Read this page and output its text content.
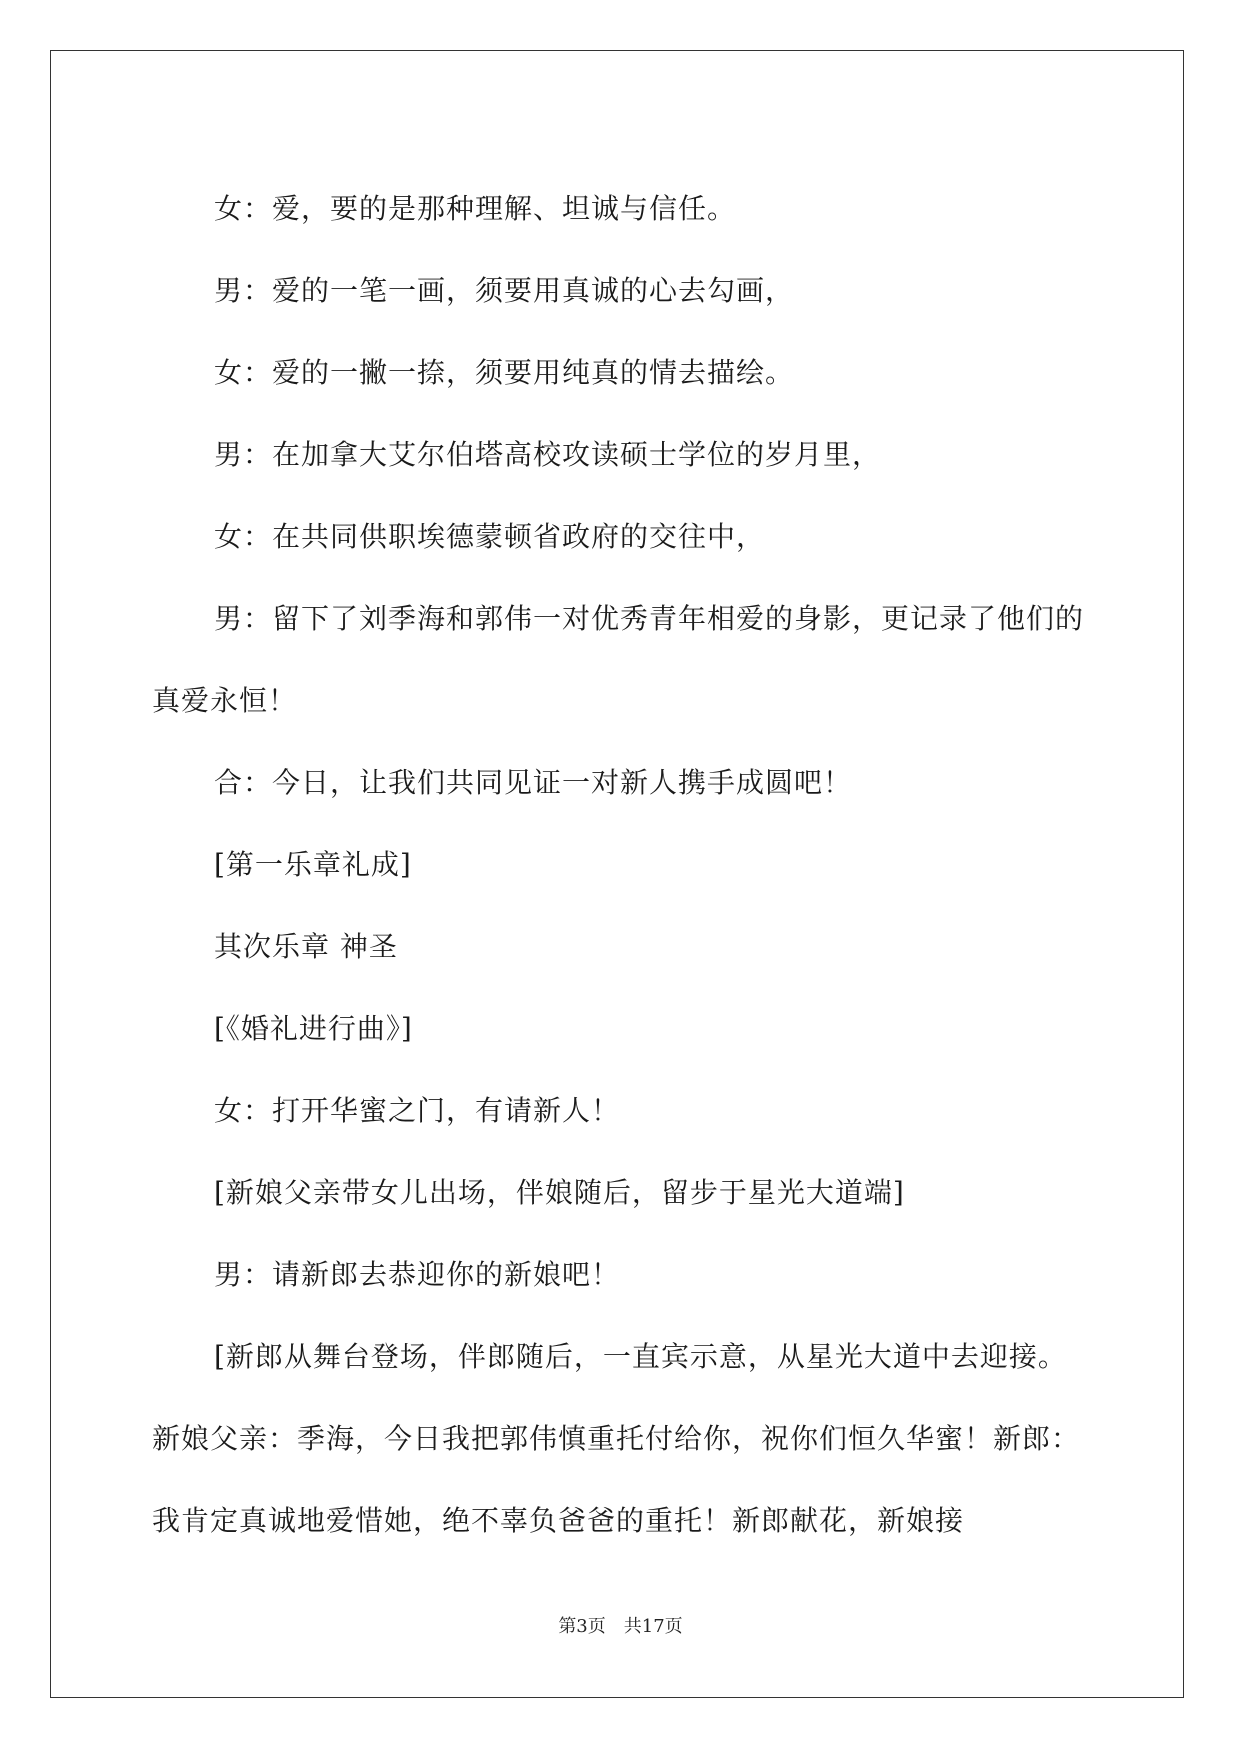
女：爱，要的是那种理解、坦诚与信任。

男：爱的一笔一画，须要用真诚的心去勾画，

女：爱的一撇一捺，须要用纯真的情去描绘。

男：在加拿大艾尔伯塔高校攻读硕士学位的岁月里，

女：在共同供职埃德蒙顿省政府的交往中，

男：留下了刘季海和郭伟一对优秀青年相爱的身影，更记录了他们的真爱永恒！

合：今日，让我们共同见证一对新人携手成圆吧！

[第一乐章礼成]

其次乐章 神圣

[《婚礼进行曲》]

女：打开华蜜之门，有请新人！

[新娘父亲带女儿出场，伴娘随后，留步于星光大道端]

男：请新郎去恭迎你的新娘吧！

[新郎从舞台登场，伴郎随后，一直宾示意，从星光大道中去迎接。新娘父亲：季海，今日我把郭伟慎重托付给你，祝你们恒久华蜜！新郎：我肯定真诚地爱惜她，绝不辜负爸爸的重托！新郎献花，新娘接

第3页　共17页
